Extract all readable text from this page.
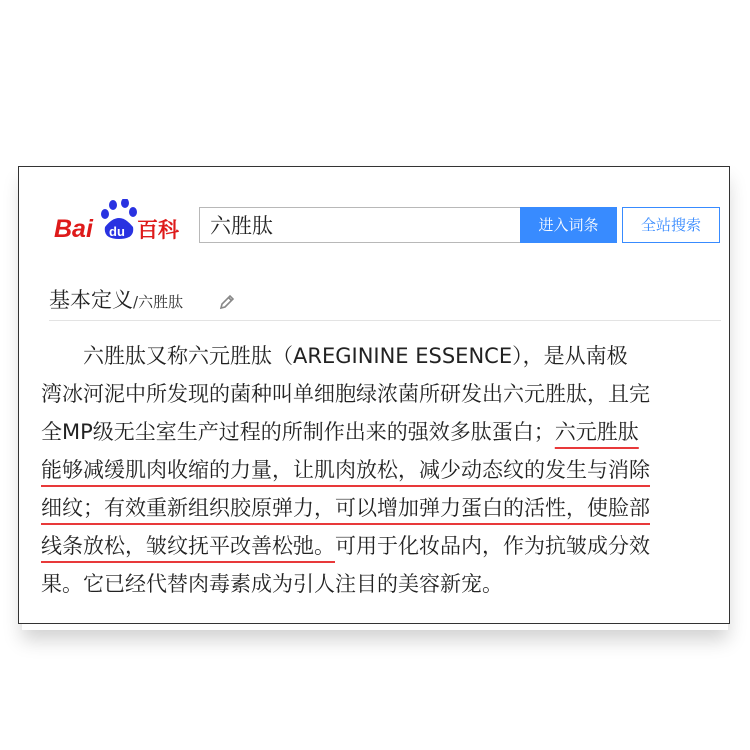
Bai du 百科
六胜肽	进入词条	全站搜索
基本定义/六胜肽
　　六胜肽又称六元胜肽（AREGININE ESSENCE），是从南极
湾冰河泥中所发现的菌种叫单细胞绿浓菌所研发出六元胜肽，且完
全MP级无尘室生产过程的所制作出来的强效多肽蛋白；六元胜肽
能够减缓肌肉收缩的力量，让肌肉放松，减少动态纹的发生与消除
细纹；有效重新组织胶原弹力，可以增加弹力蛋白的活性，使脸部
线条放松，皱纹抚平改善松弛。可用于化妆品内，作为抗皱成分效
果。它已经代替肉毒素成为引人注目的美容新宠。
